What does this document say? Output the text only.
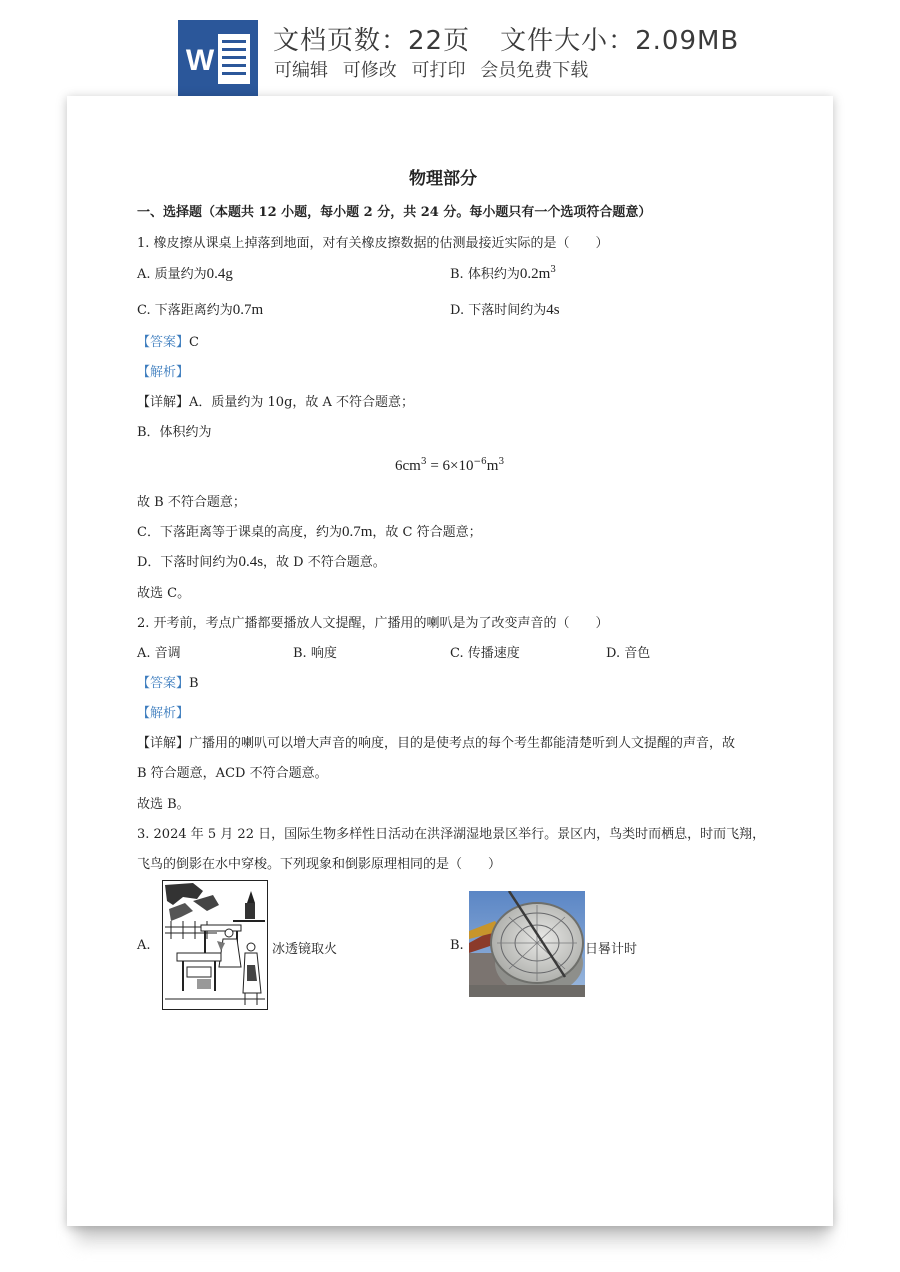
W
文档页数：22页 文件大小：2.09MB
可编辑 可修改 可打印 会员免费下载
物理部分
一、选择题（本题共 12 小题，每小题 2 分，共 24 分。每小题只有一个选项符合题意）
1. 橡皮擦从课桌上掉落到地面，对有关橡皮擦数据的估测最接近实际的是（　　）
A. 质量约为0.4g	B. 体积约为$0.2m^3$
C. 下落距离约为0.7m	D. 下落时间约为4s
【答案】C
【解析】
【详解】A．质量约为 10g，故 A 不符合题意；
B．体积约为
$6cm^3 = 6\times 10^{-6}m^3$
故 B 不符合题意；
C．下落距离等于课桌的高度，约为0.7m，故 C 符合题意；
D．下落时间约为0.4s，故 D 不符合题意。
故选 C。
2. 开考前，考点广播都要播放人文提醒，广播用的喇叭是为了改变声音的（　　）
A. 音调	B. 响度	C. 传播速度	D. 音色
【答案】B
【解析】
【详解】广播用的喇叭可以增大声音的响度，目的是使考点的每个考生都能清楚听到人文提醒的声音，故
B 符合题意，ACD 不符合题意。
故选 B。
3. 2024 年 5 月 22 日，国际生物多样性日活动在洪泽湖湿地景区举行。景区内，鸟类时而栖息，时而飞翔，
飞鸟的倒影在水中穿梭。下列现象和倒影原理相同的是（　　）
A.	冰透镜取火	B.	日晷计时
